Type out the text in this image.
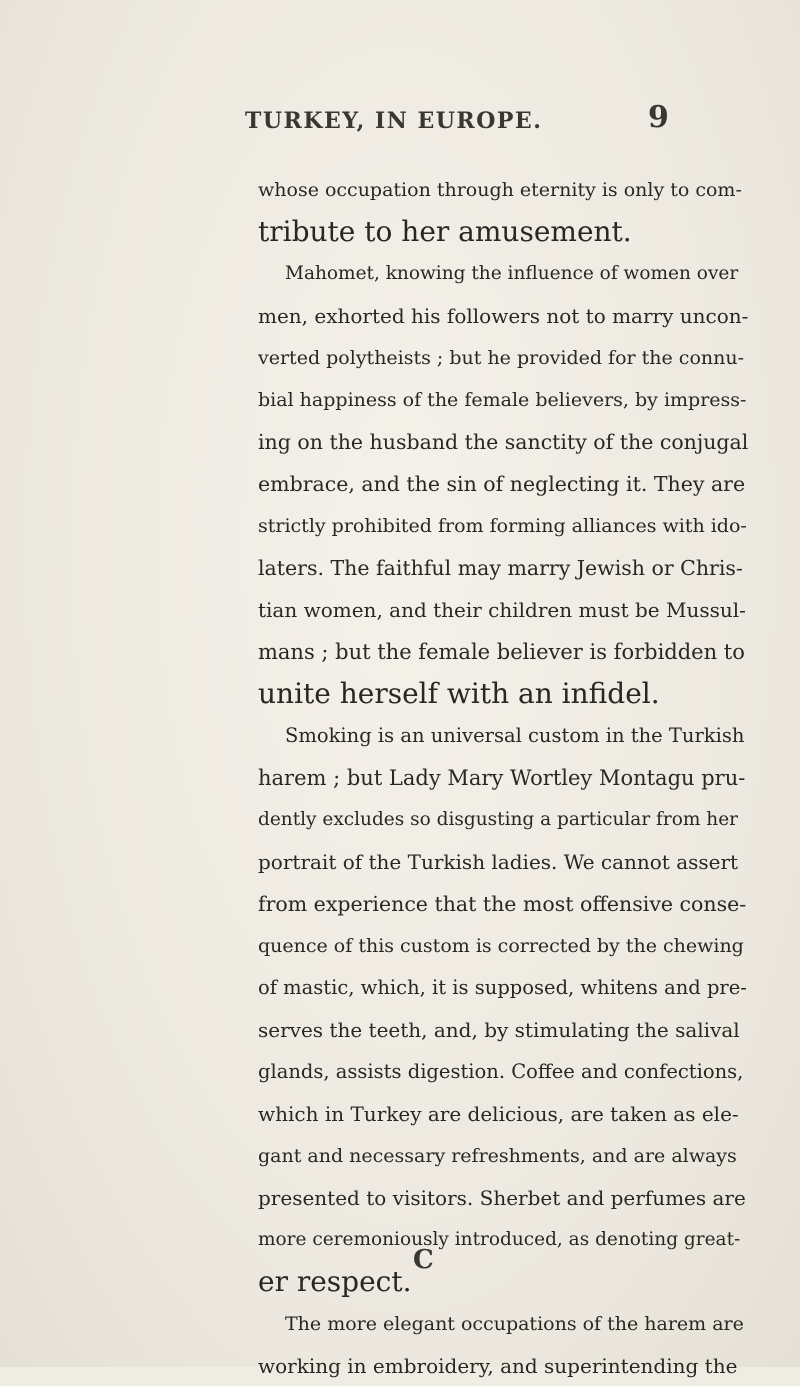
TURKEY, IN EUROPE.	9
whose occupation through eternity is only to com-
tribute to her amusement.
Mahomet, knowing the influence of women over
men, exhorted his followers not to marry uncon-
verted polytheists ; but he provided for the connu-
bial happiness of the female believers, by impress-
ing on the husband the sanctity of the conjugal
embrace, and the sin of neglecting it. They are
strictly prohibited from forming alliances with ido-
laters. The faithful may marry Jewish or Chris-
tian women, and their children must be Mussul-
mans ; but the female believer is forbidden to
unite herself with an infidel.
Smoking is an universal custom in the Turkish
harem ; but Lady Mary Wortley Montagu pru-
dently excludes so disgusting a particular from her
portrait of the Turkish ladies. We cannot assert
from experience that the most offensive conse-
quence of this custom is corrected by the chewing
of mastic, which, it is supposed, whitens and pre-
serves the teeth, and, by stimulating the salival
glands, assists digestion. Coffee and confections,
which in Turkey are delicious, are taken as ele-
gant and necessary refreshments, and are always
presented to visitors. Sherbet and perfumes are
more ceremoniously introduced, as denoting great-
er respect.
The more elegant occupations of the harem are
working in embroidery, and superintending the
C
